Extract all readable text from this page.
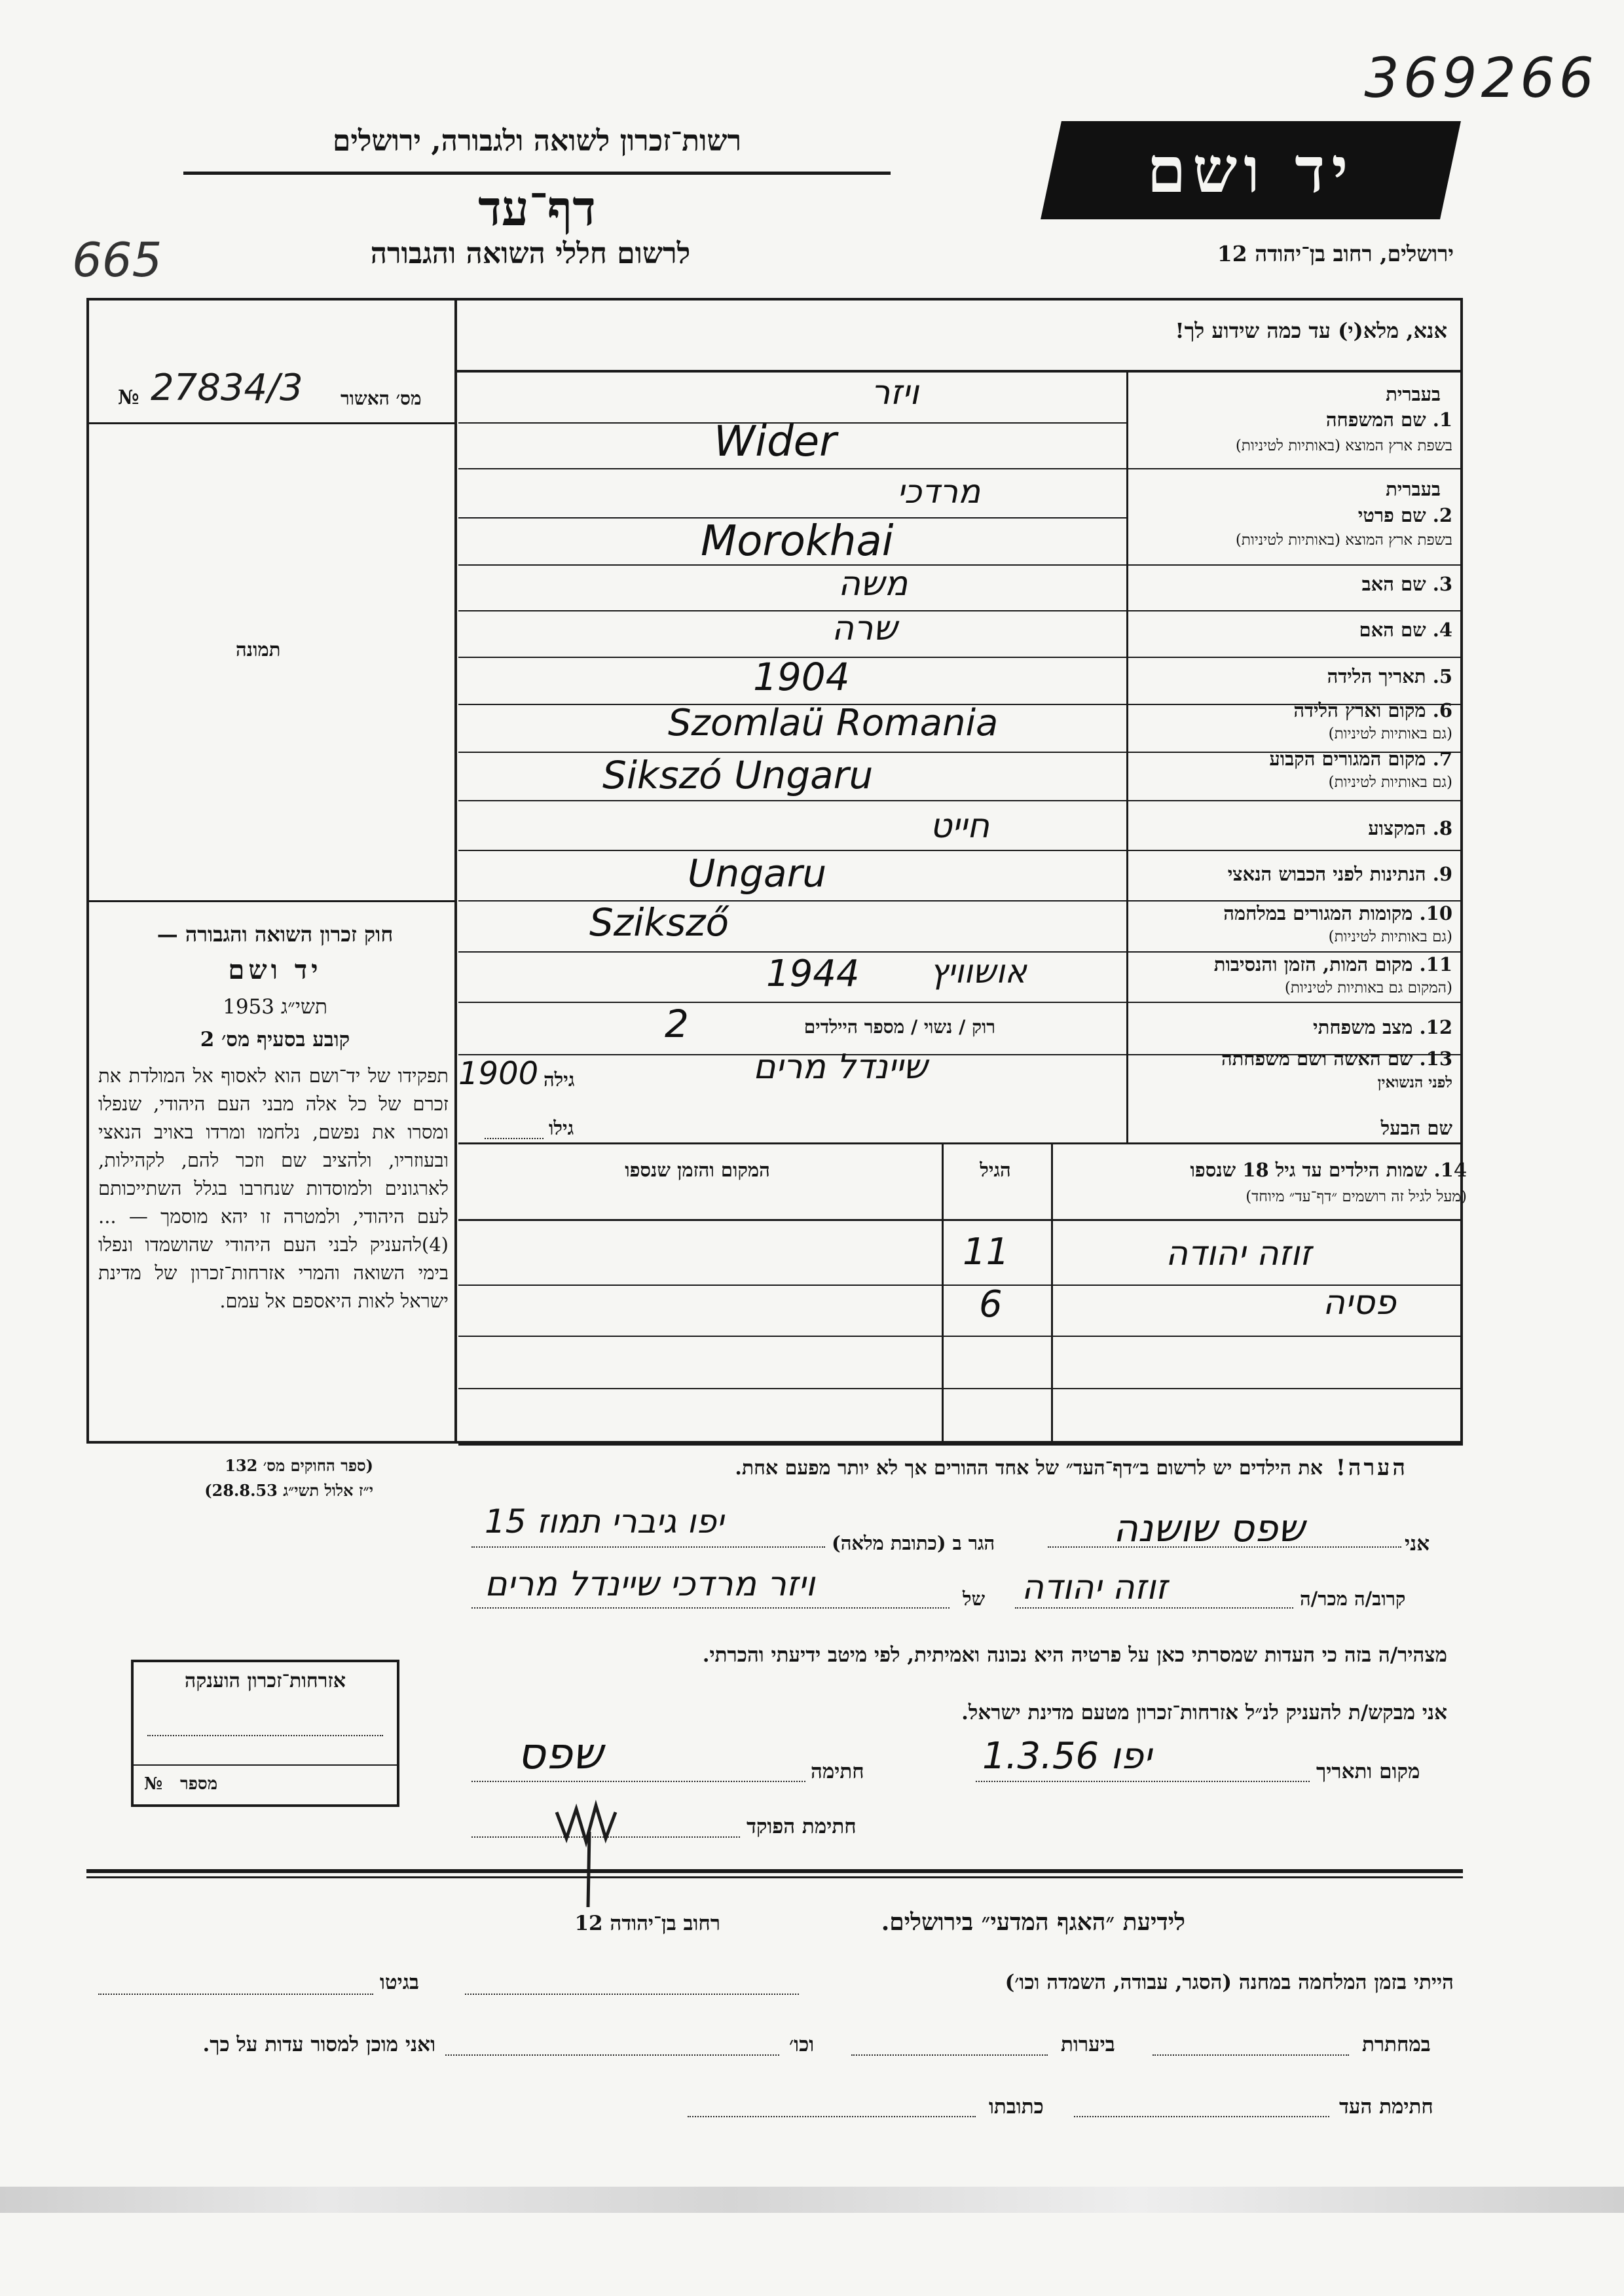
369266
665
רשות־זכרון לשואה ולגבורה, ירושלים
דף־עד
לרשום חללי השואה והגבורה
יד ושם
ירושלים, רחוב בן־יהודה 12
אנא, מלא(י) עד כמה שידוע לך!
בעברית
1. שם המשפחה
בשפת ארץ המוצא (באותיות לטיניות)
ויזר
Wider
בעברית
2. שם פרטי
בשפת ארץ המוצא (באותיות לטיניות)
מרדכי
Morokhai
3. שם האב
משה
4. שם האם
שרה
5. תאריך הלידה
1904
6. מקום וארץ הלידה
(גם באותיות לטיניות)
Szomlaü Romania
7. מקום המגורים הקבוע
(גם באותיות לטיניות)
Sikszó Ungaru
8. המקצוע
חייט
9. הנתינות לפני הכבוש הנאצי
Ungaru
10. מקומות המגורים במלחמה
(גם באותיות לטיניות)
Sziksző
11. מקום המות, הזמן והנסיבות
(המקום גם באותיות לטיניות)
1944 אושוויץ
12. מצב משפחתי
רוק / נשוי / מספר היילדים
2
13. שם האשה ושם משפחתה
לפני הנשואין
שיינדל מרים
גילה
1900
שם הבעל
גילו
14. שמות הילדים עד גיל 18 שנספו
(מעל לגיל זה רושמים ״דף־עד״ מיוחד)
הגיל
המקום והזמן שנספו
זוזה יהודה
11
פסיה
6
מס׳ האשור
№ 27834/3
תמונה
חוק זכרון השואה והגבורה —
יד ושם
תשי״ג 1953
קובע בסעיף מס׳ 2
תפקידו של יד־ושם הוא לאסוף אל המולדת את זכרם של כל אלה מבני העם היהודי, שנפלו ומסרו את נפשם, נלחמו ומרדו באויב הנאצי ובעוזריו, ולהציב שם וזכר להם, לקהילות, לארגונים ולמוסדות שנחרבו בגלל השתייכותם לעם היהודי, ולמטרה זו יהא מוסמך — ...(4)להעניק לבני העם היהודי שהושמדו ונפלו בימי השואה והמרי אזרחות־זכרון של מדינת ישראל לאות היאספם אל עמם.
(ספר החוקים מס׳ 132
י״ז אלול תשי״ג 28.8.53)
הערה!
את הילדים יש לרשום ב״דף־העד״ של אחד ההורים אך לא יותר מפעם אחת.
אני
שפס שושנה
הגר ב (כתובת מלאה)
יפו גיברי תמוז 15
קרוב/ה מכר/ה
זוזה יהודה
של
ויזר מרדכי שיינדל מרים
מצהיר/ה בזה כי העדות שמסרתי כאן על פרטיה היא נכונה ואמיתית, לפי מיטב ידיעתי והכרתי.
אני מבקש/ת להעניק לנ״ל אזרחות־זכרון מטעם מדינת ישראל.
מקום ותאריך
יפו 1.3.56
חתימה
שפס
חתימת הפוקד
אזרחות־זכרון הוענקה
מספר
№
לידיעת ״האגף המדעי״ בירושלים.
רחוב בן־יהודה 12
הייתי בזמן המלחמה במחנה (הסגר, עבודה, השמדה וכו׳)
בגיטו
במחתרת
ביערות
וכו׳
ואני מוכן למסור עדות על כך.
חתימת העד
כתובתו
